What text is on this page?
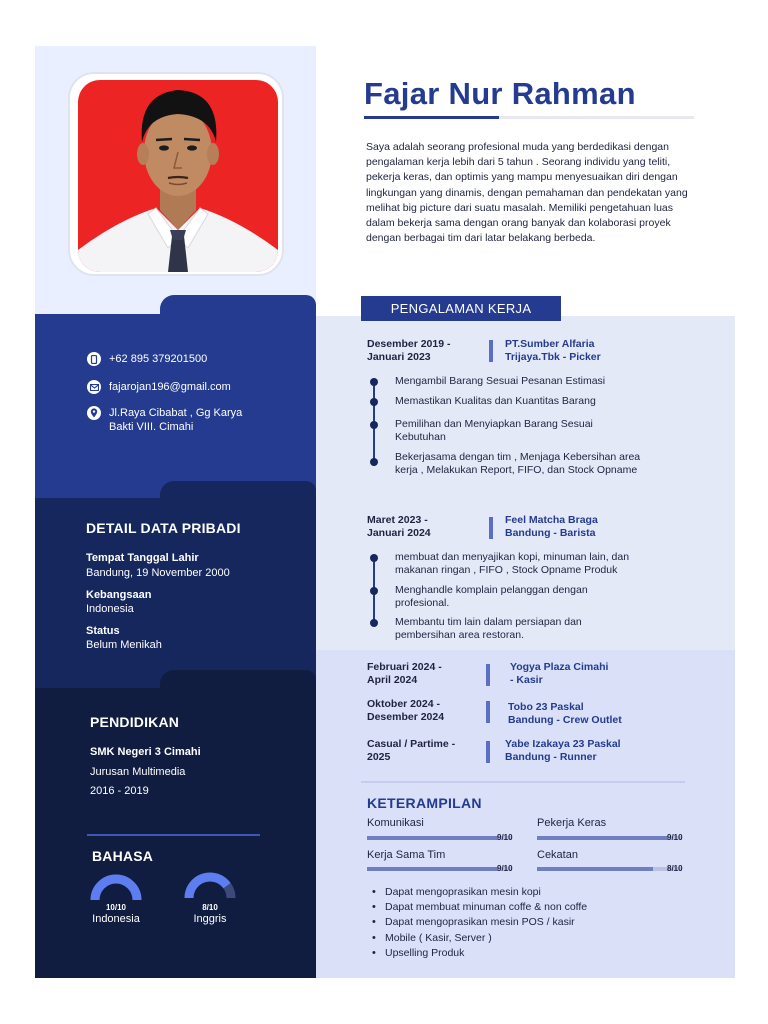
+62 895 379201500
fajarojan196@gmail.com
Jl.Raya Cibabat , Gg Karya
Bakti VIII. Cimahi
DETAIL DATA PRIBADI
Tempat Tanggal Lahir
Bandung, 19 November 2000
Kebangsaan
Indonesia
Status
Belum Menikah
PENDIDIKAN
SMK Negeri 3 Cimahi
Jurusan Multimedia
2016 - 2019
BAHASA
10/10
Indonesia
8/10
Inggris
Fajar Nur Rahman
Saya adalah seorang profesional muda yang berdedikasi dengan pengalaman kerja lebih dari 5 tahun . Seorang individu yang teliti, pekerja keras, dan optimis yang mampu menyesuaikan diri dengan lingkungan yang dinamis, dengan pemahaman dan pendekatan yang melihat big picture dari suatu masalah. Memiliki pengetahuan luas dalam bekerja sama dengan orang banyak dan kolaborasi proyek dengan berbagai tim dari latar belakang berbeda.
PENGALAMAN KERJA
Desember 2019 -
Januari 2023
PT.Sumber Alfaria
Trijaya.Tbk - Picker
Mengambil Barang Sesuai Pesanan Estimasi
Memastikan Kualitas dan Kuantitas Barang
Pemilihan dan Menyiapkan Barang Sesuai Kebutuhan
Bekerjasama dengan tim , Menjaga Kebersihan area kerja , Melakukan Report, FIFO, dan Stock Opname
Maret 2023 -
Januari 2024
Feel Matcha Braga
Bandung - Barista
membuat dan menyajikan kopi, minuman lain, dan makanan ringan , FIFO , Stock Opname Produk
Menghandle komplain pelanggan dengan profesional.
Membantu tim lain dalam persiapan dan pembersihan area restoran.
Februari 2024 -
April 2024
Yogya Plaza Cimahi
- Kasir
Oktober 2024 -
Desember 2024
Tobo 23 Paskal
Bandung - Crew Outlet
Casual / Partime -
2025
Yabe Izakaya 23 Paskal
Bandung - Runner
KETERAMPILAN
Komunikasi
9/10
Pekerja Keras
9/10
Kerja Sama Tim
9/10
Cekatan
8/10
• Dapat mengoprasikan mesin kopi
• Dapat membuat minuman coffe & non coffe
• Dapat mengoprasikan mesin POS / kasir
• Mobile ( Kasir, Server )
• Upselling Produk
